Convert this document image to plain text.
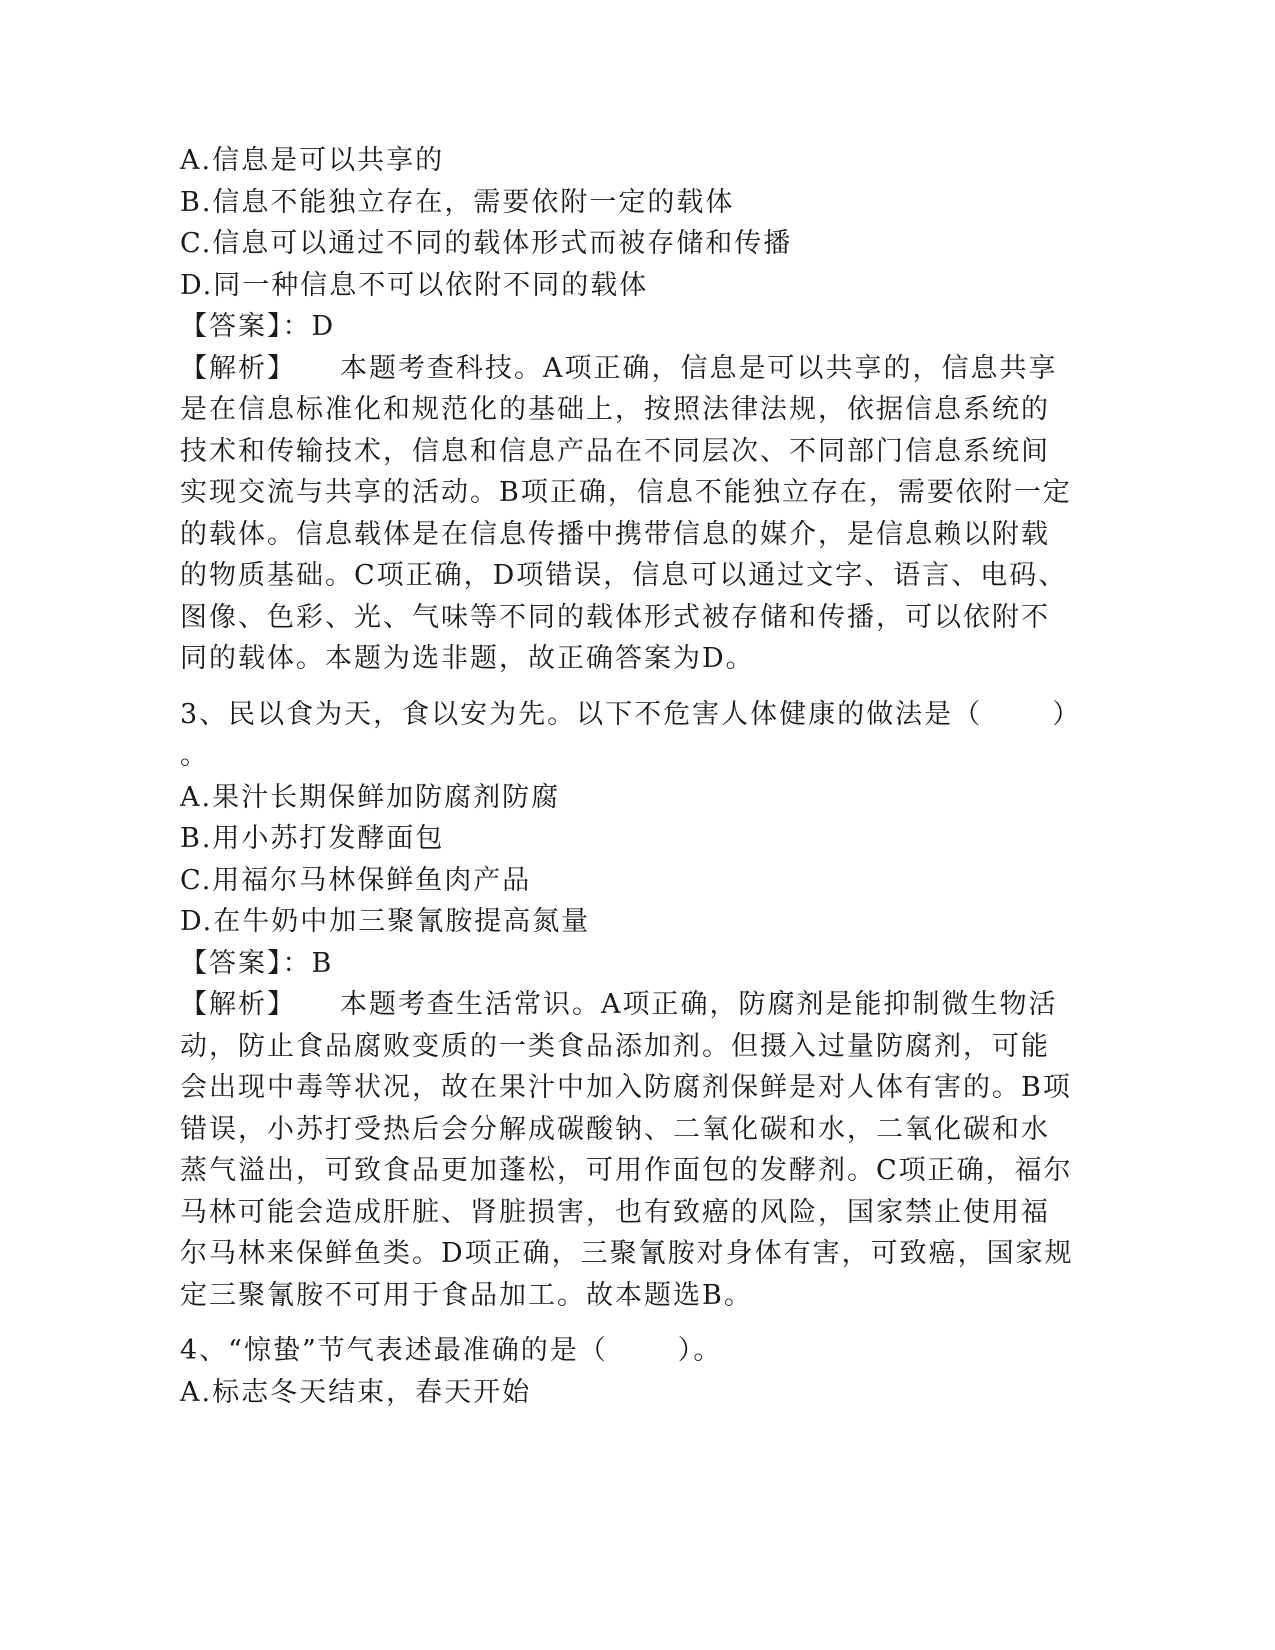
A.信息是可以共享的
B.信息不能独立存在，需要依附一定的载体
C.信息可以通过不同的载体形式而被存储和传播
D.同一种信息不可以依附不同的载体
【答案】：D
【解析】 本题考查科技。A项正确，信息是可以共享的，信息共享
是在信息标准化和规范化的基础上，按照法律法规，依据信息系统的
技术和传输技术，信息和信息产品在不同层次、不同部门信息系统间
实现交流与共享的活动。B项正确，信息不能独立存在，需要依附一定
的载体。信息载体是在信息传播中携带信息的媒介，是信息赖以附载
的物质基础。C项正确，D项错误，信息可以通过文字、语言、电码、
图像、色彩、光、气味等不同的载体形式被存储和传播，可以依附不
同的载体。本题为选非题，故正确答案为D。
3、民以食为天，食以安为先。以下不危害人体健康的做法是（	）
。
A.果汁长期保鲜加防腐剂防腐
B.用小苏打发酵面包
C.用福尔马林保鲜鱼肉产品
D.在牛奶中加三聚氰胺提高氮量
【答案】：B
【解析】 本题考查生活常识。A项正确，防腐剂是能抑制微生物活
动，防止食品腐败变质的一类食品添加剂。但摄入过量防腐剂，可能
会出现中毒等状况，故在果汁中加入防腐剂保鲜是对人体有害的。B项
错误，小苏打受热后会分解成碳酸钠、二氧化碳和水，二氧化碳和水
蒸气溢出，可致食品更加蓬松，可用作面包的发酵剂。C项正确，福尔
马林可能会造成肝脏、肾脏损害，也有致癌的风险，国家禁止使用福
尔马林来保鲜鱼类。D项正确，三聚氰胺对身体有害，可致癌，国家规
定三聚氰胺不可用于食品加工。故本题选B。
4、“惊蛰”节气表述最准确的是（	）。
A.标志冬天结束，春天开始
